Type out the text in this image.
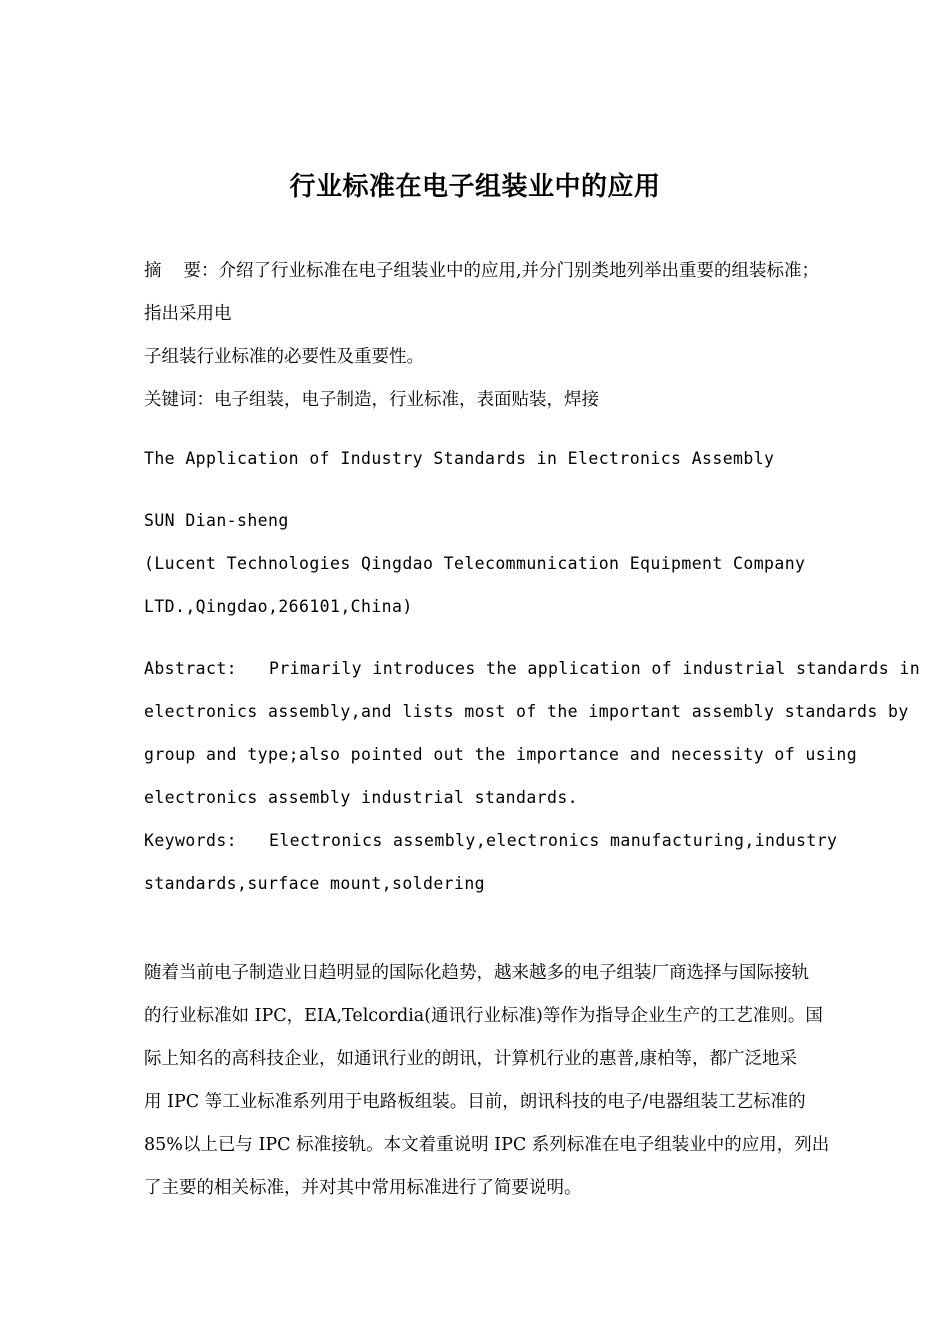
行业标准在电子组装业中的应用

摘 要：介绍了行业标准在电子组装业中的应用,并分门别类地列举出重要的组装标准；

指出采用电

子组装行业标准的必要性及重要性。

关键词：电子组装，电子制造，行业标准，表面贴装，焊接

The Application of Industry Standards in Electronics Assembly

SUN Dian-sheng

(Lucent Technologies Qingdao Telecommunication Equipment Company

LTD.,Qingdao,266101,China)

Abstract: Primarily introduces the application of industrial standards in

electronics assembly,and lists most of the important assembly standards by

group and type;also pointed out the importance and necessity of using

electronics assembly industrial standards.

Keywords: Electronics assembly,electronics manufacturing,industry

standards,surface mount,soldering

随着当前电子制造业日趋明显的国际化趋势，越来越多的电子组装厂商选择与国际接轨

的行业标准如 IPC，EIA,Telcordia(通讯行业标准)等作为指导企业生产的工艺准则。国

际上知名的高科技企业，如通讯行业的朗讯，计算机行业的惠普,康柏等，都广泛地采

用 IPC 等工业标准系列用于电路板组装。目前，朗讯科技的电子/电器组装工艺标准的

85%以上已与 IPC 标准接轨。本文着重说明 IPC 系列标准在电子组装业中的应用，列出

了主要的相关标准，并对其中常用标准进行了简要说明。
